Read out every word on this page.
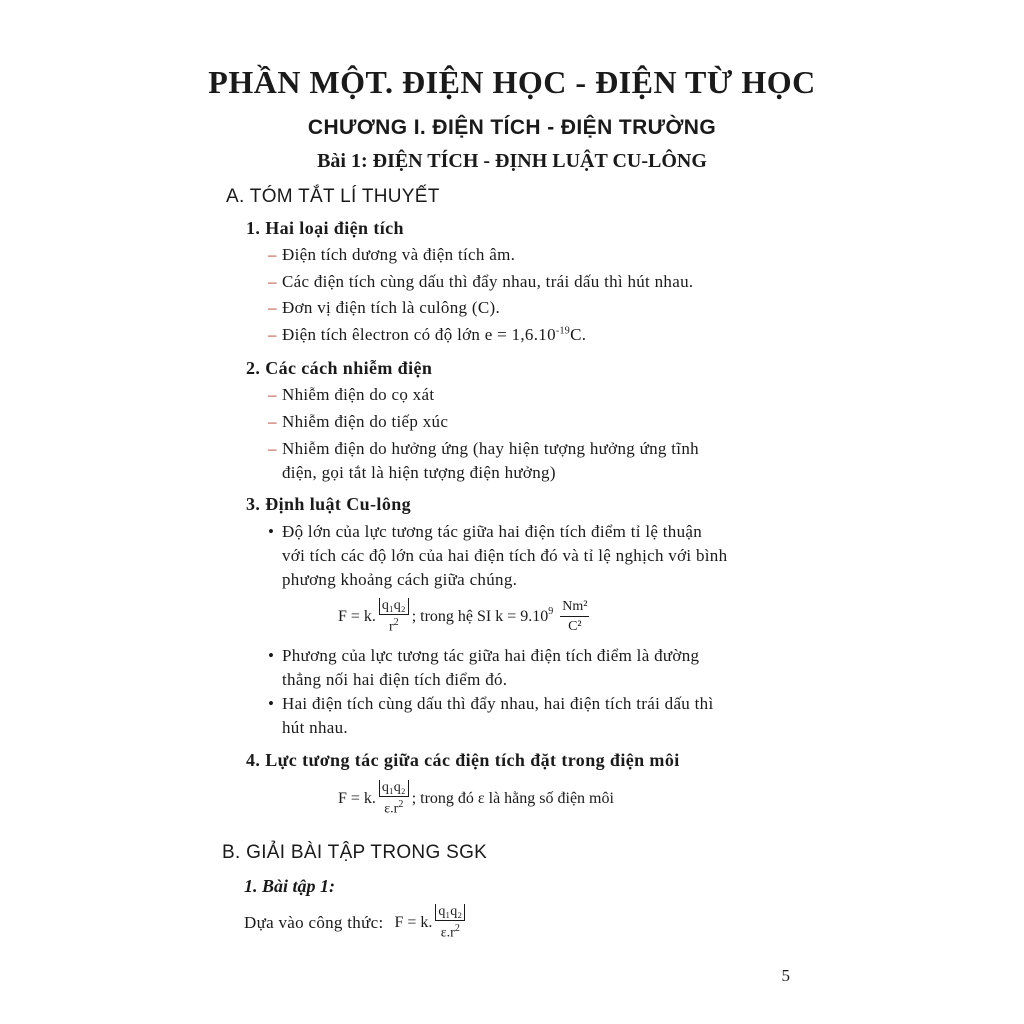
PHẦN MỘT. ĐIỆN HỌC - ĐIỆN TỪ HỌC
CHƯƠNG I. ĐIỆN TÍCH - ĐIỆN TRƯỜNG
Bài 1: ĐIỆN TÍCH - ĐỊNH LUẬT CU-LÔNG
A. TÓM TẮT LÍ THUYẾT
1. Hai loại điện tích
– Điện tích dương và điện tích âm.
– Các điện tích cùng dấu thì đẩy nhau, trái dấu thì hút nhau.
– Đơn vị điện tích là culông (C).
– Điện tích êlectron có độ lớn $e = 1,6.10^{-19}C$.
2. Các cách nhiễm điện
– Nhiễm điện do cọ xát
– Nhiễm điện do tiếp xúc
– Nhiễm điện do hưởng ứng (hay hiện tượng hưởng ứng tĩnh
điện, gọi tắt là hiện tượng điện hưởng)
3. Định luật Cu-lông
• Độ lớn của lực tương tác giữa hai điện tích điểm tỉ lệ thuận
với tích các độ lớn của hai điện tích đó và tỉ lệ nghịch với bình
phương khoảng cách giữa chúng.
F = k. $\frac{\text{q₁q₂}}{r^2}$ ; trong hệ SI $k = 9.10^9 \frac{\text{Nm²}}{\text{C²}}$
• Phương của lực tương tác giữa hai điện tích điểm là đường
thẳng nối hai điện tích điểm đó.
• Hai điện tích cùng dấu thì đẩy nhau, hai điện tích trái dấu thì
hút nhau.
4. Lực tương tác giữa các điện tích đặt trong điện môi
F = k. $\frac{\text{q₁q₂}}{\varepsilon.r^2}$ ; trong đó ε là hằng số điện môi
B. GIẢI BÀI TẬP TRONG SGK
1. Bài tập 1:
Dựa vào công thức: F = k. $\frac{\text{q₁q₂}}{\varepsilon.r^2}$
5
